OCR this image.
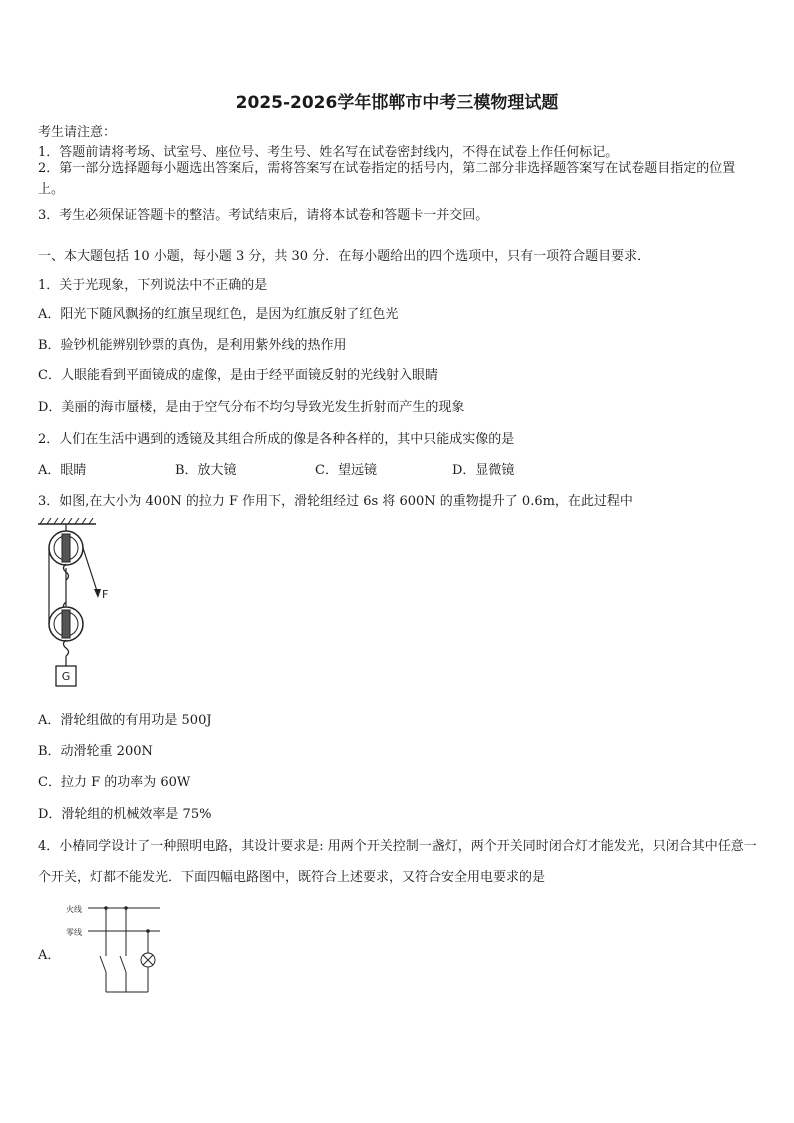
2025-2026学年邯郸市中考三模物理试题
考生请注意：
1．答题前请将考场、试室号、座位号、考生号、姓名写在试卷密封线内，不得在试卷上作任何标记。
2．第一部分选择题每小题选出答案后，需将答案写在试卷指定的括号内，第二部分非选择题答案写在试卷题目指定的位置上。
3．考生必须保证答题卡的整洁。考试结束后，请将本试卷和答题卡一并交回。
一、本大题包括 10 小题，每小题 3 分，共 30 分．在每小题给出的四个选项中，只有一项符合题目要求．
1．关于光现象，下列说法中不正确的是
A．阳光下随风飘扬的红旗呈现红色，是因为红旗反射了红色光
B．验钞机能辨别钞票的真伪，是利用紫外线的热作用
C．人眼能看到平面镜成的虚像，是由于经平面镜反射的光线射入眼睛
D．美丽的海市蜃楼，是由于空气分布不均匀导致光发生折射而产生的现象
2．人们在生活中遇到的透镜及其组合所成的像是各种各样的，其中只能成实像的是
A．眼睛	B．放大镜	C．望远镜	D．显微镜
3．如图,在大小为 400N 的拉力 F 作用下，滑轮组经过 6s 将 600N 的重物提升了 0.6m，在此过程中
F
G
A．滑轮组做的有用功是 500J
B．动滑轮重 200N
C．拉力 F 的功率为 60W
D．滑轮组的机械效率是 75%
4．小椿同学设计了一种照明电路，其设计要求是: 用两个开关控制一盏灯，两个开关同时闭合灯才能发光，只闭合其中任意一个开关，灯都不能发光．下面四幅电路图中，既符合上述要求，又符合安全用电要求的是
A．
火线
零线
